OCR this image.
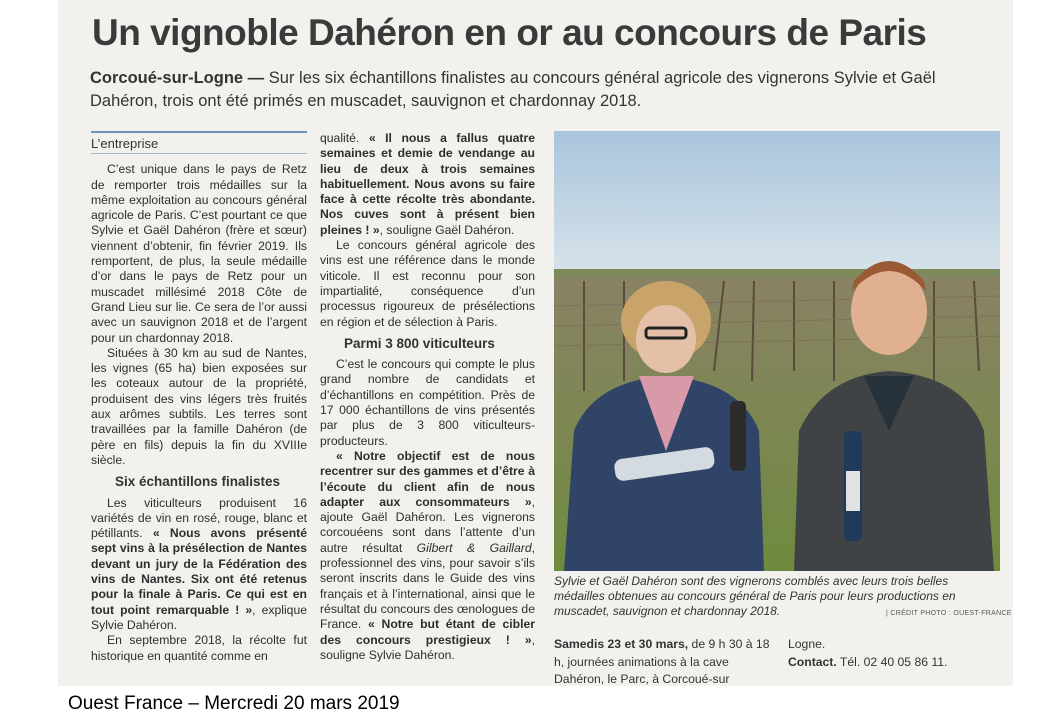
Un vignoble Dahéron en or au concours de Paris
Corcoué-sur-Logne — Sur les six échantillons finalistes au concours général agricole des vignerons Sylvie et Gaël Dahéron, trois ont été primés en muscadet, sauvignon et chardonnay 2018.
L’entreprise

C’est unique dans le pays de Retz de remporter trois médailles sur la même exploitation au concours général agricole de Paris. C’est pourtant ce que Sylvie et Gaël Dahéron (frère et sœur) viennent d’obtenir, fin février 2019. Ils remportent, de plus, la seule médaille d’or dans le pays de Retz pour un muscadet millésimé 2018 Côte de Grand Lieu sur lie. Ce sera de l’or aussi avec un sauvignon 2018 et de l’argent pour un chardonnay 2018.

Situées à 30 km au sud de Nantes, les vignes (65 ha) bien exposées sur les coteaux autour de la propriété, produisent des vins légers très fruités aux arômes subtils. Les terres sont travaillées par la famille Dahéron (de père en fils) depuis la fin du XVIIIe siècle.

Six échantillons finalistes

Les viticulteurs produisent 16 variétés de vin en rosé, rouge, blanc et pétillants. « Nous avons présenté sept vins à la présélection de Nantes devant un jury de la Fédération des vins de Nantes. Six ont été retenus pour la finale à Paris. Ce qui est en tout point remarquable ! », explique Sylvie Dahéron.

En septembre 2018, la récolte fut historique en quantité comme en

qualité. « Il nous a fallus quatre semaines et demie de vendange au lieu de deux à trois semaines habituellement. Nous avons su faire face à cette récolte très abondante. Nos cuves sont à présent bien pleines ! », souligne Gaël Dahéron.

Le concours général agricole des vins est une référence dans le monde viticole. Il est reconnu pour son impartialité, conséquence d’un processus rigoureux de présélections en région et de sélection à Paris.

Parmi 3 800 viticulteurs

C’est le concours qui compte le plus grand nombre de candidats et d’échantillons en compétition. Près de 17 000 échantillons de vins présentés par plus de 3 800 viticulteurs-producteurs.

« Notre objectif est de nous recentrer sur des gammes et d’être à l’écoute du client afin de nous adapter aux consommateurs », ajoute Gaël Dahéron. Les vignerons corcouéens sont dans l’attente d’un autre résultat Gilbert & Gaillard, professionnel des vins, pour savoir s’ils seront inscrits dans le Guide des vins français et à l’international, ainsi que le résultat du concours des œnologues de France. « Notre but étant de cibler des concours prestigieux ! », souligne Sylvie Dahéron.

Sylvie et Gaël Dahéron sont des vignerons comblés avec leurs trois belles médailles obtenues au concours général de Paris pour leurs productions en muscadet, sauvignon et chardonnay 2018.	| CRÉDIT PHOTO : OUEST-FRANCE
Samedis 23 et 30 mars, de 9 h 30 à 18 h, journées animations à la cave Dahéron, le Parc, à Corcoué-sur
Logne.
Contact. Tél. 02 40 05 86 11.
Ouest France – Mercredi 20 mars 2019
